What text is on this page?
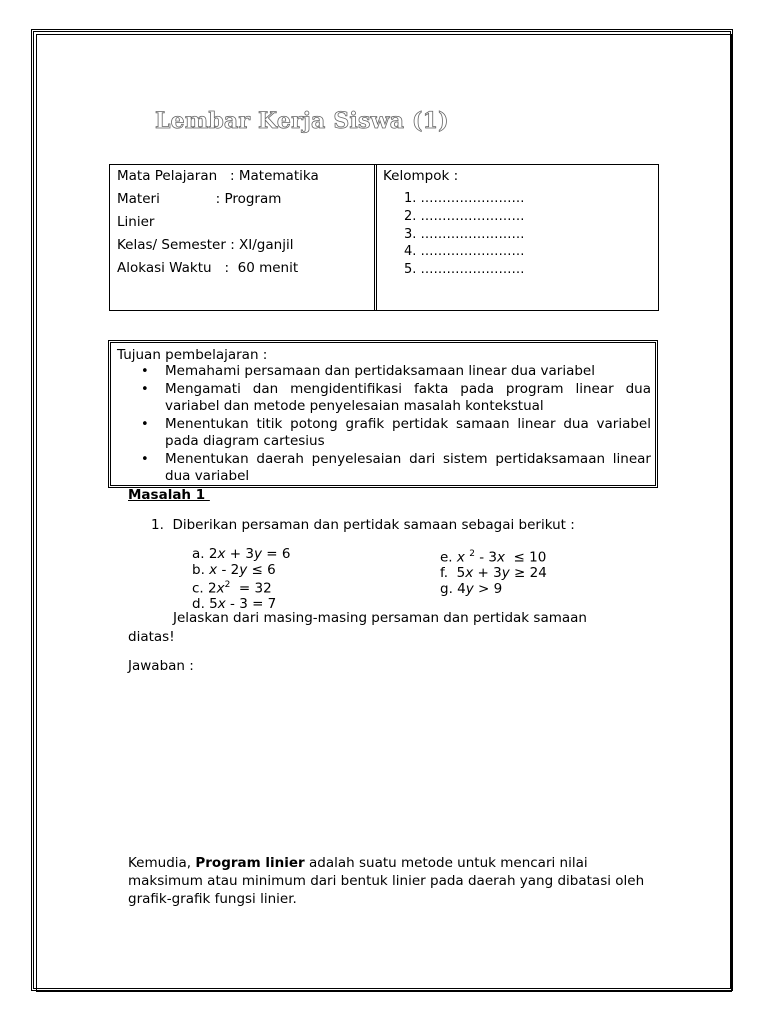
Lembar Kerja Siswa (1)
Mata Pelajaran   : Matematika
Materi             : Program
Linier
Kelas/ Semester : XI/ganjil
Alokasi Waktu   :  60 menit
Kelompok :
1. ……………………
2. ……………………
3. ……………………
4. ……………………
5. ……………………
Tujuan pembelajaran :
• Memahami persamaan dan pertidaksamaan linear dua variabel
• Mengamati dan mengidentifikasi fakta pada program linear dua variabel dan metode penyelesaian masalah kontekstual
• Menentukan titik potong grafik pertidak samaan linear dua variabel pada diagram cartesius
• Menentukan daerah penyelesaian dari sistem pertidaksamaan linear dua variabel
Masalah 1
1.  Diberikan persaman dan pertidak samaan sebagai berikut :
a. 2x + 3y = 6
b. x - 2y ≤ 6
c. $2x^2 = 32$
d. 5x - 3 = 7
e. x $^2$ - 3x  ≤ 10
f.  5x + 3y ≥ 24
g. 4y > 9
Jelaskan dari masing-masing persaman dan pertidak samaan diatas!
Jawaban :
Kemudia, Program linier adalah suatu metode untuk mencari nilai maksimum atau minimum dari bentuk linier pada daerah yang dibatasi oleh grafik-grafik fungsi linier.
